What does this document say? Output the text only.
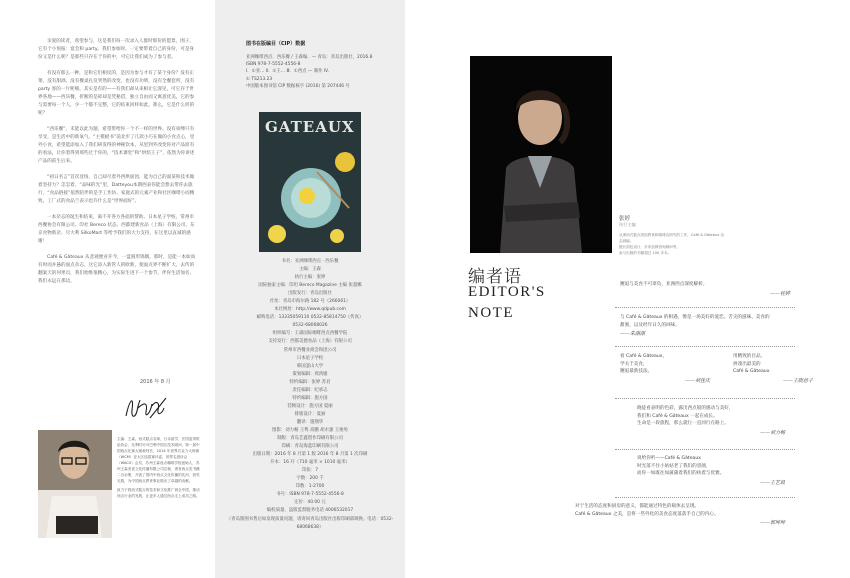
亲爱的读者，希望参与，这是我们每一次录入人群时那份的愿景。围子，它有个小预报：宴会和 party。我们参加时，一定要带着自己的身份，可是身份又是什么呢？是那些只存在于你的中，可它让我们成为了参与者。

有没有那么一种，是和它们相反的，是因为参与才有了某个身份？没有正菜、没有甜酒、没有餐桌礼仪突然的改变，也没有功明，没有全餐套所，没有 party 客的一片呢喃。其实是有的——有我们却从来相让它深见，可它存于世界各地——西乐餐，折断的是碎却是凭秘借，独立自由而又寓意优美，它的参与需要每一个人，少一个都不完整，它的结束同样如此，那么，它是什么样的呢？

“西乐餐”，未能以此为题，希望带给你一个不一样的世界。没有束缚只有享受，是生活中的新氧气，“主模板书”前北步了几款小巧在做的小食点心，里外小食，希望能添加入了我们研发得的神秘饮本，从里到外改变你对产品原有的看法，让你着得到那些过于你的，“技术课堂”和“烘焙王子”，依然为你讲述产品的前生后来。

“初日名言”首次登场，自己却尽着外西烘面团，能为自己的面某和技术做着坚持力？怎怎着、“品味的光”里，Datteyou本期西表你能会想去带你去旅行，“食品链接”依然陪伴的是手工作坊、家庭式的元素产业和社区咖啡小而精致，工厂式的食品兰表示也许什么是“世界面好”。

一本杂志的诞生和结束，离不开各方各面的帮助。日本星子学校、常州市西餐协会有限公司、印社 Bereco 状态、西都建新食品（上海）有限公司、东京食物新杂、尽大利 SilkoMart 等给予我们的大力支持，在这里以直诚的感谢！

Café & Gâteaux 从悲观便业开今，一盘圆形锦偶，那时，是能一本如而有时而并悬的面点杂志，这它添入新管人的欧新，使面点界不断扩大，去传的翻案天的何果员，我们始维很精心，为实际生进下一个参节，伴你生活加名，我们永远在那边。

2016 年 8 月
主编：王森，西式糕点名师，日本留学，法国蓝带烘焙协会，比利时可可巴利中国区技术顾问，第一届中国西点比赛大赛裁判长，2014 年世界巧克力大师赛（WCM）亚太区选拔赛评委，世界名厨协会（WACS）会员，苏州王森西点咖啡学校创始人，苏州王森美食文化传播有限公司总裁，著有西点类书籍二百余册，开创了国内中西点文化传播的先河，获奖无数，为中国西点教育事业做出了卓越的贡献。
致力于将西式糕点的技术和文化推广到全中国，推动西点行业的发展，让更多人通过西点走上成功之路。
图书在版编目（CIP）数据
亚洲咖啡西点．西乐餐 / 王森编．— 青岛：青岛出版社，2016.8
ISBN 978-7-5552-4556-8
Ⅰ．①亚… Ⅱ．①王… Ⅲ．①西点 — 制作 Ⅳ．
① TS213.23
中国版本图书馆 CIP 数据核字 (2016) 第 207446 号
GATEAUX
书名：亚洲咖啡西点 · 西乐餐
主编：王森
执行主编：张婷
国际独家主编：印坦 Bereco Magazine 主编 张超娜
出版发行：青岛出版社
社址：青岛市海尔路 182 号（266061）
本社网址：http://www.qdpub.com
邮购电话：13335059110 0532-85814750（传真）
0532-68068026
组织编写：王森国际咖啡西点西餐学院
支持发行：西都美德食品（上海）有限公司
常州市西餐业商会和团公司
日本星子学校
韩国釜山大学
策划编辑：周鸿媛
特约编辑：张婷 苏君
责任编辑：纪承志
特约编辑：施方国
装帧设计：施方国 夏丽
排版设计：夏丽
翻译：施翔华
图影：刘力畅 王隽 高鹏 胡水强 王俊男
制版：青岛艺鑫创作印刷有限公司
印刷：青岛海蓝印刷有限公司
出版日期：2016 年 8 月第 1 版 2016 年 8 月第 1 次印刷
开本：16 开（710 毫米 × 1010 毫米）
印张：7
字数：200 千
印数：1-2700
书号：ISBN 978-7-5552-4556-8
定价：40.00 元
编校质量、盗版监督服务电话 4006532017
（青岛版图书售后如发现质量问题，请寄回青岛出版社出版印刷部调换。电话：0532-68068638）
张婷
执行主编
从事西式糕点烘焙教育和咖啡店研究的工作，Café & Gâteaux 杂志副编。
擅长面包设计，多家品牌咨询顾问等，
参与出版的书籍超过 100 多本。
编者语
EDITOR'S
NOTE
邂逅与美食不可辜负，亚洲西点深度解析。
——桂婷
与 Café & Gâteaux 的相遇，像是一场美好的爱恋。舌尖的滋味、美食的甜蜜，以及经年日久的回味。
——朱甜甜
看 Café & Gâteaux，
学关于美食，
邂逅最新技法，
——刘佳庆
用精致的目品，
拼凑出最美的
Café & Gâteaux
——王晓意子
晓徒看表明的色彩，露出西点般的感动与美好，
我们和 Café & Gâteaux 一起在成长。
生命是一段旅程，那么就行一直同行在路上。
——刘力畅
说给你听——Café & Gâteaux
时光落不住小姑姑老了我们的容颜，
而你一如既往如蒲蒲着我们的执着与优雅。
——王艺晨
对于生活的态度和厨房的意义，都能通过特色的载体去呈现。
Café & Gâteaux 之美，是将一些外化的美食态度落落手自己的内心。
——郭坤坤
